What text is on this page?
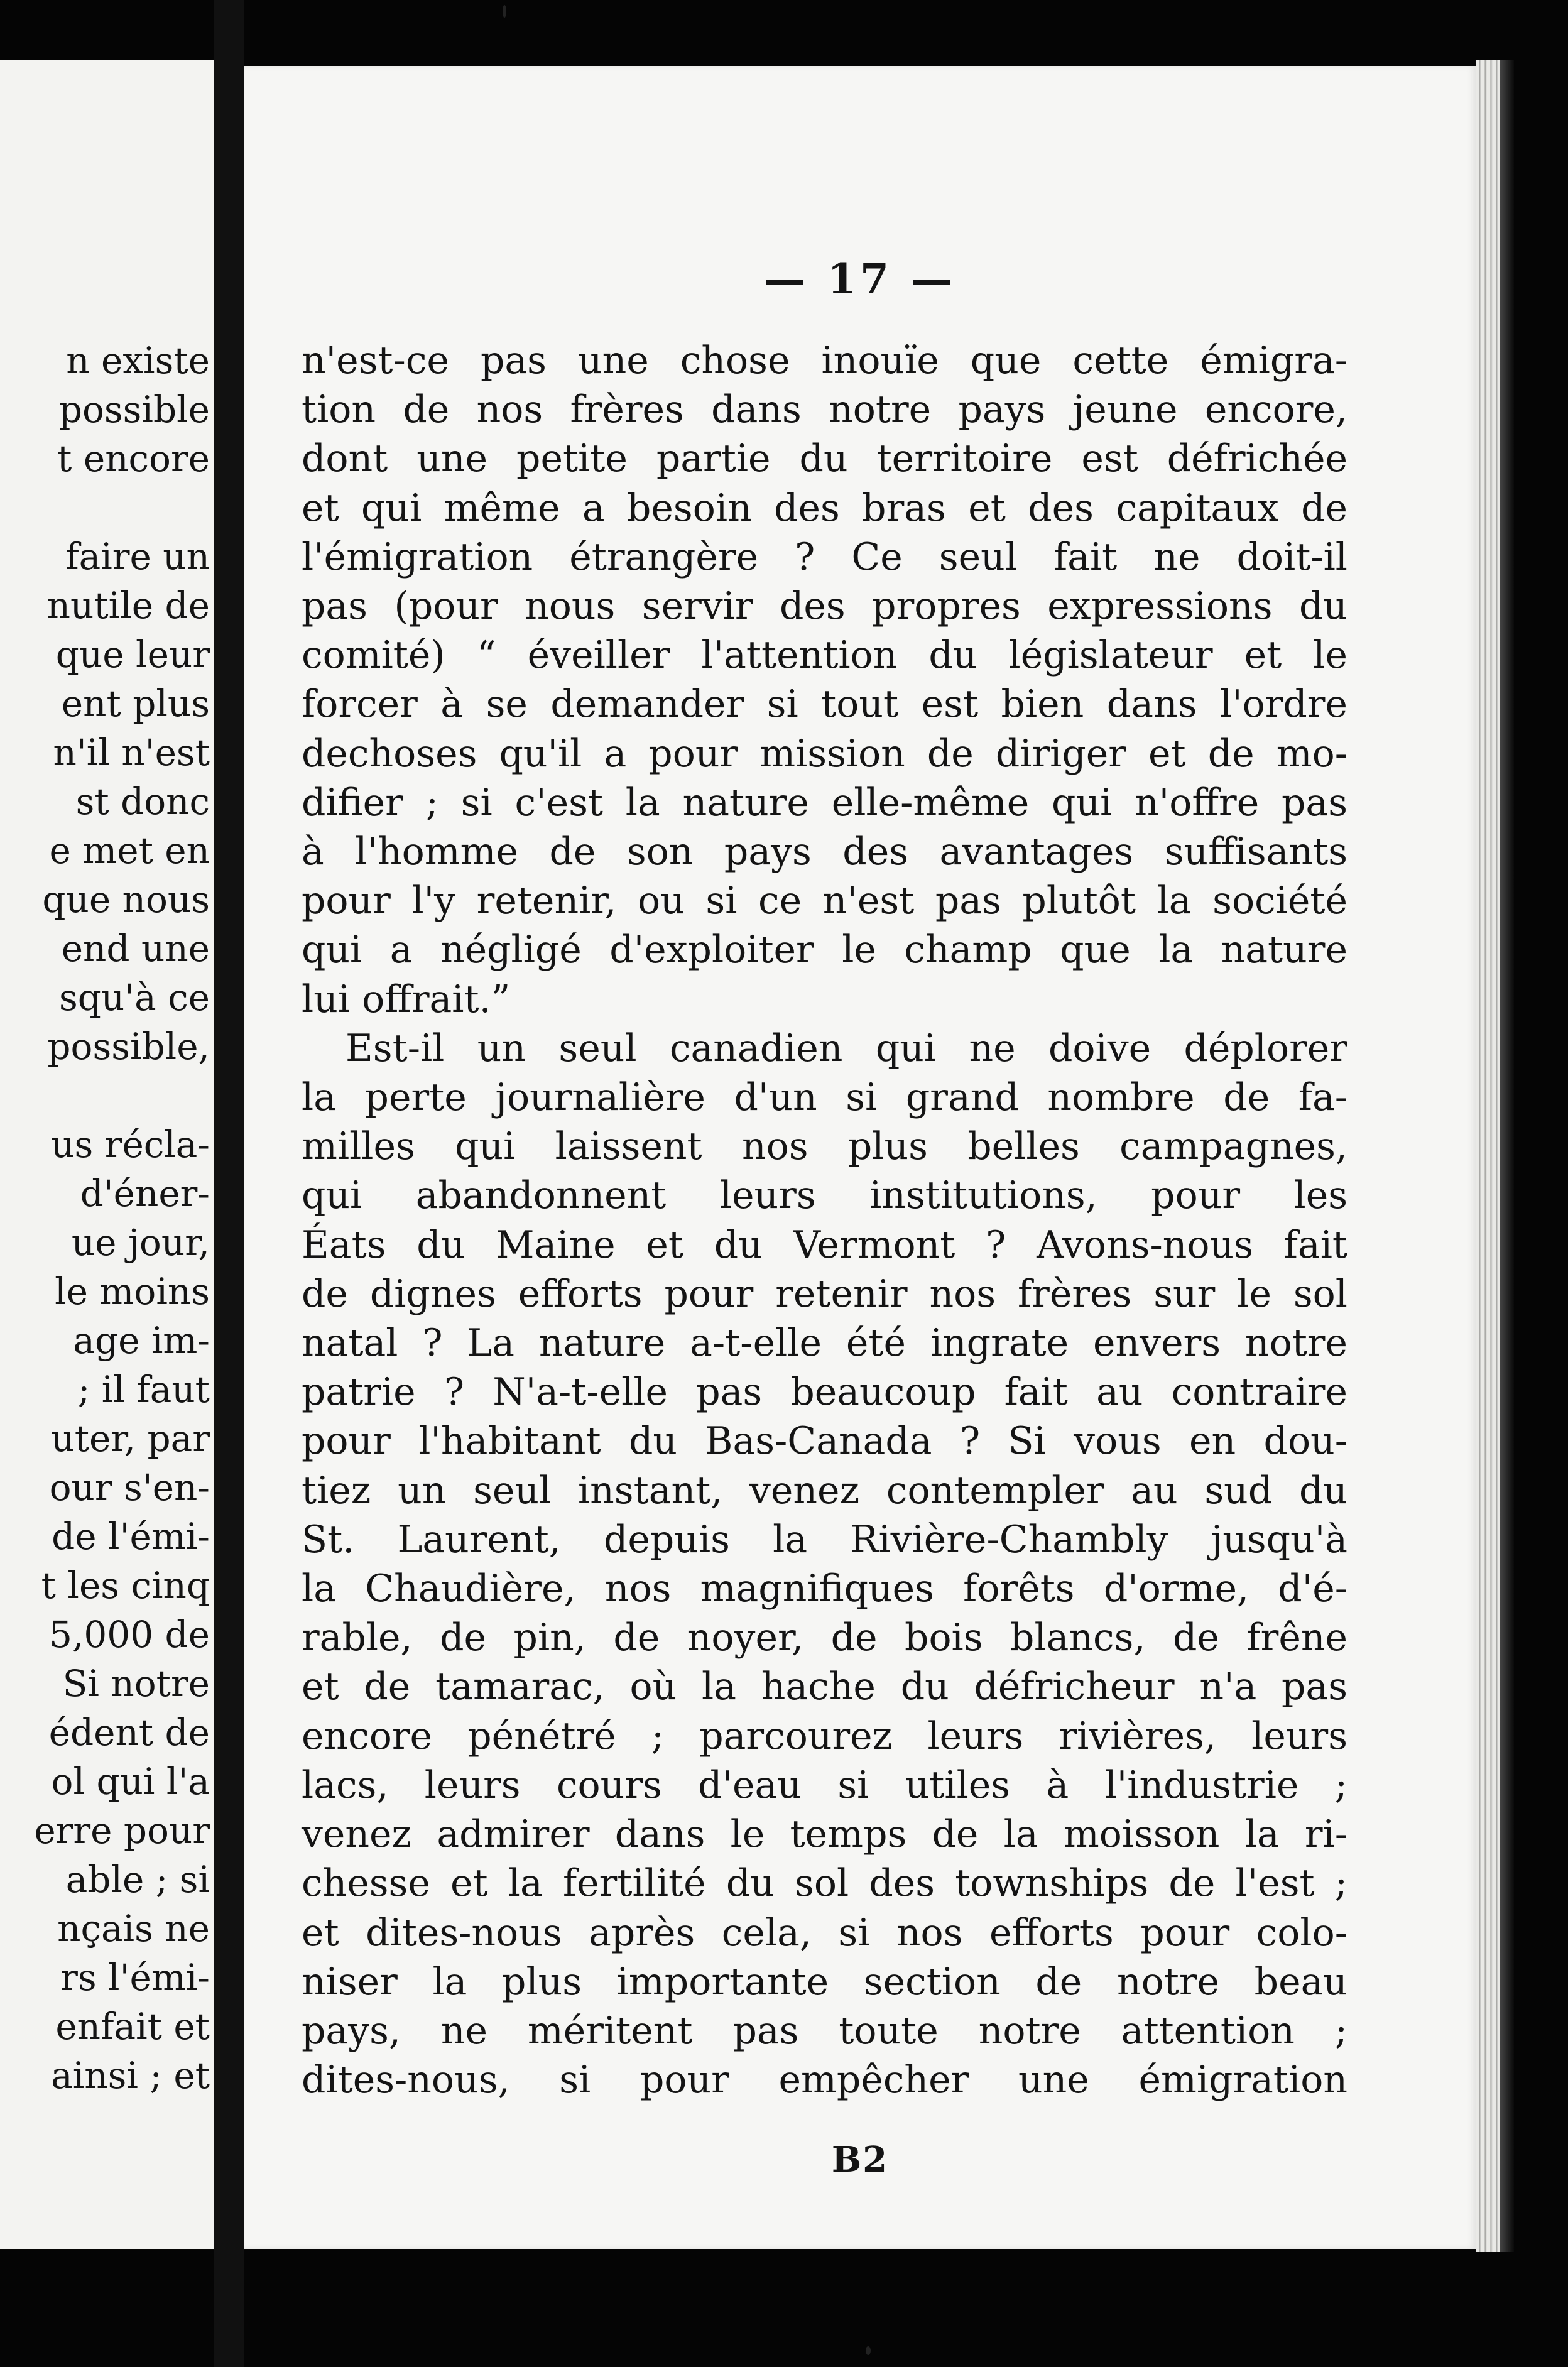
n existe
possible
t encore

faire un
nutile de
que leur
ent plus
n'il n'est
st donc
e met en
que nous
end une
squ'à ce
possible,

us récla-
d'éner-
ue jour,
le moins
age im-
; il faut
uter, par
our s'en-
de l'émi-
t les cinq
5,000 de
Si notre
édent de
ol qui l'a
erre pour
able ; si
nçais ne
rs l'émi-
enfait et
ainsi ; et
— 17 —
n'est-ce pas une chose inouïe que cette émigra-
tion de nos frères dans notre pays jeune encore,
dont une petite partie du territoire est défrichée
et qui même a besoin des bras et des capitaux de
l'émigration étrangère ? Ce seul fait ne doit-il
pas (pour nous servir des propres expressions du
comité) “ éveiller l'attention du législateur et le
forcer à se demander si tout est bien dans l'ordre
dechoses qu'il a pour mission de diriger et de mo-
difier ; si c'est la nature elle-même qui n'offre pas
à l'homme de son pays des avantages suffisants
pour l'y retenir, ou si ce n'est pas plutôt la société
qui a négligé d'exploiter le champ que la nature
lui offrait.”
Est-il un seul canadien qui ne doive déplorer
la perte journalière d'un si grand nombre de fa-
milles qui laissent nos plus belles campagnes,
qui abandonnent leurs institutions, pour les
Éats du Maine et du Vermont ? Avons-nous fait
de dignes efforts pour retenir nos frères sur le sol
natal ? La nature a-t-elle été ingrate envers notre
patrie ? N'a-t-elle pas beaucoup fait au contraire
pour l'habitant du Bas-Canada ? Si vous en dou-
tiez un seul instant, venez contempler au sud du
St. Laurent, depuis la Rivière-Chambly jusqu'à
la Chaudière, nos magnifiques forêts d'orme, d'é-
rable, de pin, de noyer, de bois blancs, de frêne
et de tamarac, où la hache du défricheur n'a pas
encore pénétré ; parcourez leurs rivières, leurs
lacs, leurs cours d'eau si utiles à l'industrie ;
venez admirer dans le temps de la moisson la ri-
chesse et la fertilité du sol des townships de l'est ;
et dites-nous après cela, si nos efforts pour colo-
niser la plus importante section de notre beau
pays, ne méritent pas toute notre attention ;
dites-nous, si pour empêcher une émigration
B2
